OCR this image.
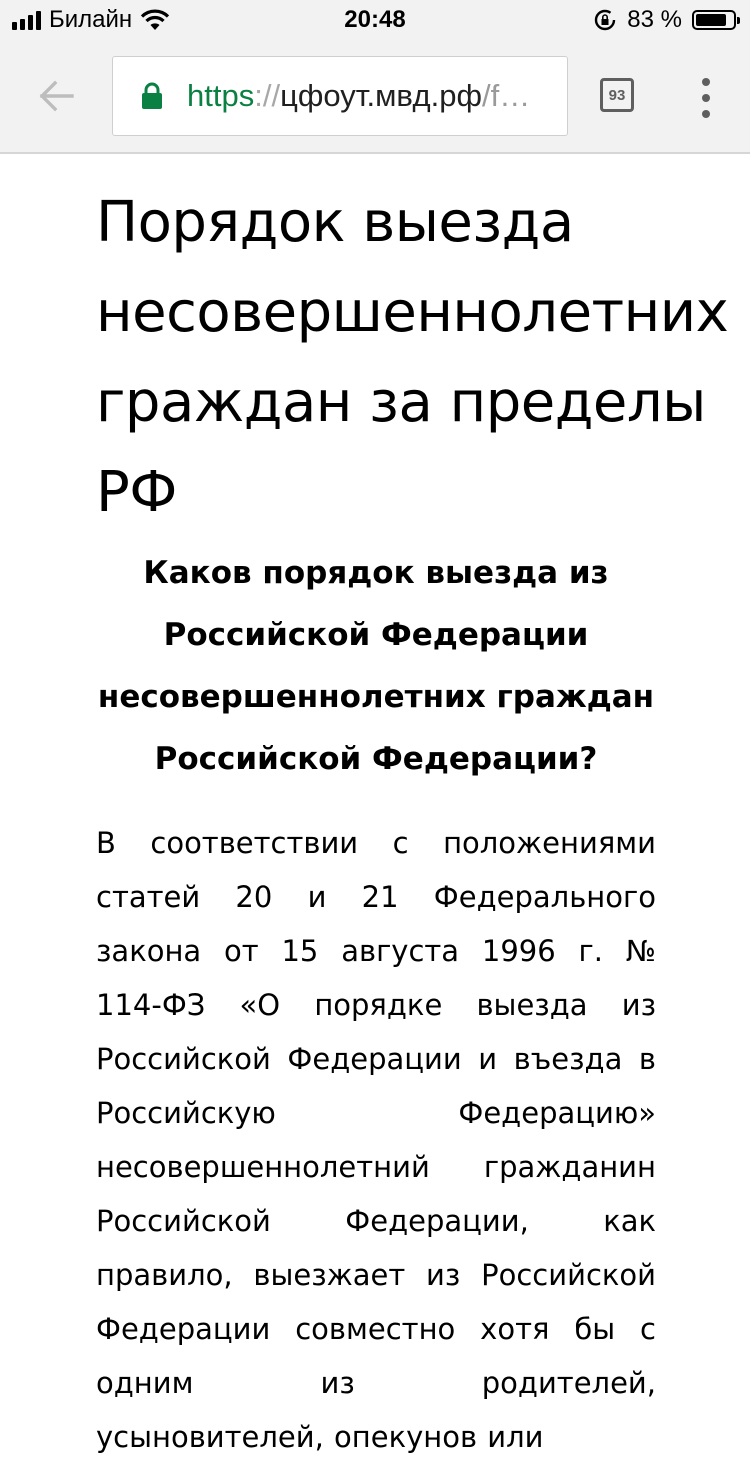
Билайн	20:48	83 %
https://цфоут.мвд.рф/f…	93
Порядок выезда несовершеннолетних граждан за пределы РФ
Каков порядок выезда из Российской Федерации несовершеннолетних граждан Российской Федерации?

В соответствии с положениями статей 20 и 21 Федерального закона от 15 августа 1996 г. № 114-ФЗ «О порядке выезда из Российской Федерации и въезда в Российскую Федерацию» несовершеннолетний гражданин Российской Федерации, как правило, выезжает из Российской Федерации совместно хотя бы с одним из родителей, усыновителей, опекунов или
